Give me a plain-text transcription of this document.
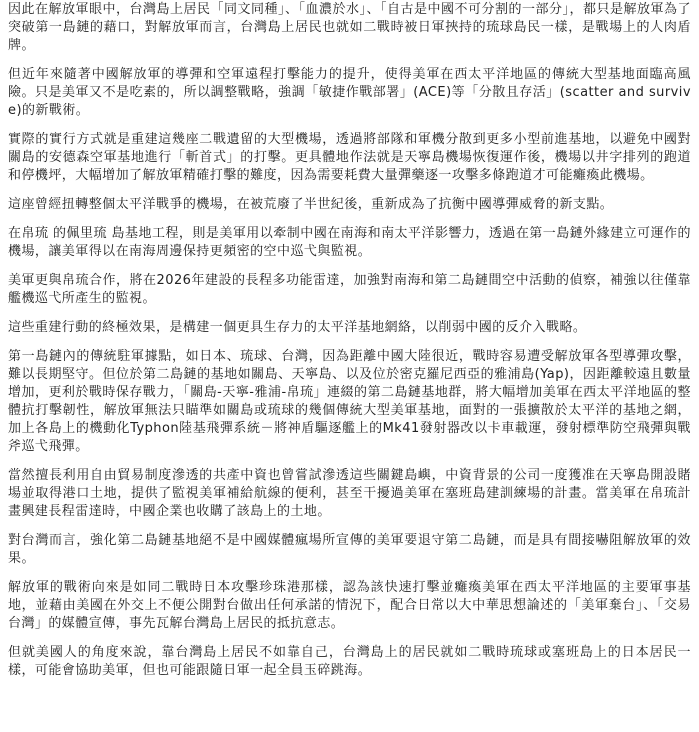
因此在解放軍眼中，台灣島上居民「同文同種」、「血濃於水」、「自古是中國不可分割的一部分」，都只是解放軍為了突破第一島鏈的藉口，對解放軍而言，台灣島上居民也就如二戰時被日軍挾持的琉球島民一樣，是戰場上的人肉盾牌。

但近年來隨著中國解放軍的導彈和空軍遠程打擊能力的提升，使得美軍在西太平洋地區的傳統大型基地面臨高風險。只是美軍又不是吃素的，所以調整戰略，強調「敏捷作戰部署」(ACE)等「分散且存活」(scatter and survive)的新戰術。

實際的實行方式就是重建這幾座二戰遺留的大型機場，透過將部隊和軍機分散到更多小型前進基地，以避免中國對關島的安德森空軍基地進行「斬首式」的打擊。更具體地作法就是天寧島機場恢復運作後，機場以井字排列的跑道和停機坪，大幅增加了解放軍精確打擊的難度，因為需要耗費大量彈藥逐一攻擊多條跑道才可能癱瘓此機場。

這座曾經扭轉整個太平洋戰爭的機場，在被荒廢了半世紀後，重新成為了抗衡中國導彈威脅的新支點。

在帛琉 的佩里琉 島基地工程，則是美軍用以牽制中國在南海和南太平洋影響力，透過在第一島鏈外緣建立可運作的機場，讓美軍得以在南海周邊保持更頻密的空中巡弋與監視。

美軍更與帛琉合作，將在2026年建設的長程多功能雷達，加強對南海和第二島鏈間空中活動的偵察，補強以往僅靠艦機巡弋所產生的監視。

這些重建行動的終極效果，是構建一個更具生存力的太平洋基地網絡，以削弱中國的反介入戰略。

第一島鏈內的傳統駐軍據點，如日本、琉球、台灣，因為距離中國大陸很近，戰時容易遭受解放軍各型導彈攻擊，難以長期堅守。但位於第二島鏈的基地如關島、天寧島、以及位於密克羅尼西亞的雅浦島(Yap)，因距離較遠且數量增加，更利於戰時保存戰力，「關島-天寧-雅浦-帛琉」連綴的第二島鏈基地群，將大幅增加美軍在西太平洋地區的整體抗打擊韌性，解放軍無法只瞄準如關島或琉球的幾個傳統大型美軍基地，面對的一張擴散於太平洋的基地之網，加上各島上的機動化Typhon陸基飛彈系統－將神盾驅逐艦上的Mk41發射器改以卡車載運，發射標準防空飛彈與戰斧巡弋飛彈。

當然擅長利用自由貿易制度滲透的共產中資也曾嘗試滲透這些關鍵島嶼，中資背景的公司一度獲准在天寧島開設賭場並取得港口土地，提供了監視美軍補給航線的便利，甚至干擾過美軍在塞班島建訓練場的計畫。當美軍在帛琉計畫興建長程雷達時，中國企業也收購了該島上的土地。

對台灣而言，強化第二島鏈基地絕不是中國媒體瘋場所宣傳的美軍要退守第二島鏈，而是具有間接嚇阻解放軍的效果。

解放軍的戰術向來是如同二戰時日本攻擊珍珠港那樣，認為該快速打擊並癱瘓美軍在西太平洋地區的主要軍事基地，並藉由美國在外交上不便公開對台做出任何承諾的情況下，配合日常以大中華思想論述的「美軍棄台」、「交易台灣」的媒體宣傳，事先瓦解台灣島上居民的抵抗意志。

但就美國人的角度來說，靠台灣島上居民不如靠自己，台灣島上的居民就如二戰時琉球或塞班島上的日本居民一樣，可能會協助美軍，但也可能跟隨日軍一起全員玉碎跳海。
